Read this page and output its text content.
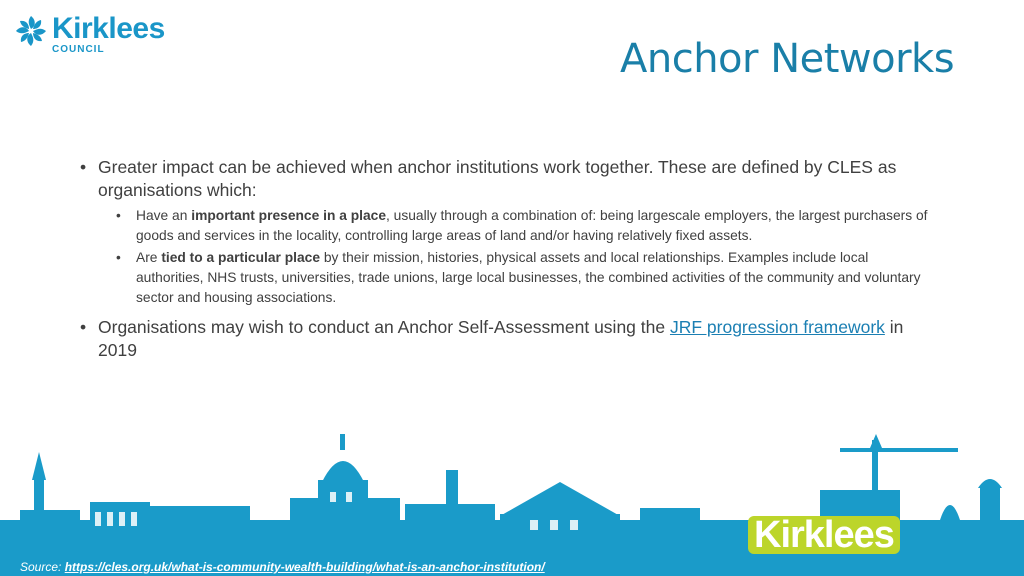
Kirklees
COUNCIL	Anchor Networks
• Greater impact can be achieved when anchor institutions work together. These are defined by CLES as organisations which:
• Have an important presence in a place, usually through a combination of: being largescale employers, the largest purchasers of goods and services in the locality, controlling large areas of land and/or having relatively fixed assets.
• Are tied to a particular place by their mission, histories, physical assets and local relationships. Examples include local authorities, NHS trusts, universities, trade unions, large local businesses, the combined activities of the community and voluntary sector and housing associations.
• Organisations may wish to conduct an Anchor Self-Assessment using the JRF progression framework in 2019
We're
Kirklees
Source: https://cles.org.uk/what-is-community-wealth-building/what-is-an-anchor-institution/
